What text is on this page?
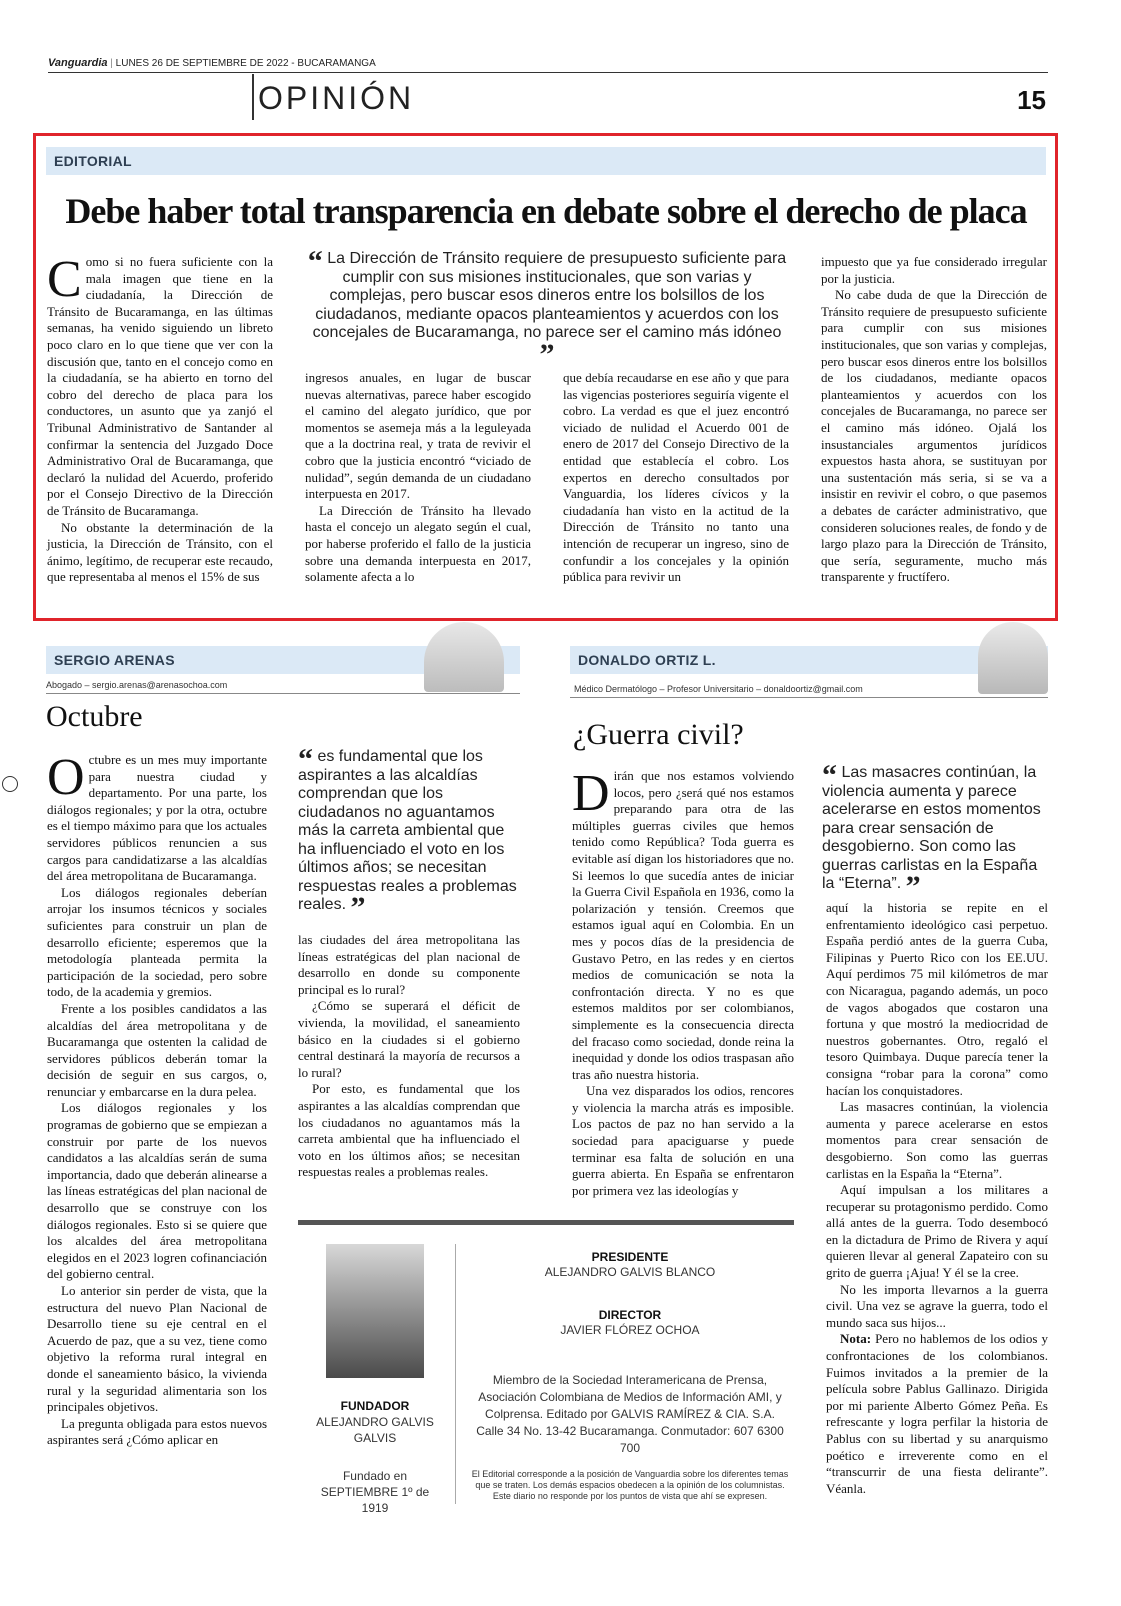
Vanguardia | LUNES 26 DE SEPTIEMBRE DE 2022 - BUCARAMANGA
OPINIÓN	15
EDITORIAL
Debe haber total transparencia en debate sobre el derecho de placa

Como si no fuera suficiente con la mala imagen que tiene en la ciudadanía, la Dirección de Tránsito de Bucaramanga, en las últimas semanas, ha venido siguiendo un libreto poco claro en lo que tiene que ver con la discusión que, tanto en el concejo como en la ciudadanía, se ha abierto en torno del cobro del derecho de placa para los conductores, un asunto que ya zanjó el Tribunal Administrativo de Santander al confirmar la sentencia del Juzgado Doce Administrativo Oral de Bucaramanga, que declaró la nulidad del Acuerdo, proferido por el Consejo Directivo de la Dirección de Tránsito de Bucaramanga.

No obstante la determinación de la justicia, la Dirección de Tránsito, con el ánimo, legítimo, de recuperar este recaudo, que representaba al menos el 15% de sus

“ La Dirección de Tránsito requiere de presupuesto suficiente para cumplir con sus misiones institucionales, que son varias y complejas, pero buscar esos dineros entre los bolsillos de los ciudadanos, mediante opacos planteamientos y acuerdos con los concejales de Bucaramanga, no parece ser el camino más idóneo ”

ingresos anuales, en lugar de buscar nuevas alternativas, parece haber escogido el camino del alegato jurídico, que por momentos se asemeja más a la leguleyada que a la doctrina real, y trata de revivir el cobro que la justicia encontró “viciado de nulidad”, según demanda de un ciudadano interpuesta en 2017.

La Dirección de Tránsito ha llevado hasta el concejo un alegato según el cual, por haberse proferido el fallo de la justicia sobre una demanda interpuesta en 2017, solamente afecta a lo

que debía recaudarse en ese año y que para las vigencias posteriores seguiría vigente el cobro. La verdad es que el juez encontró viciado de nulidad el Acuerdo 001 de enero de 2017 del Consejo Directivo de la entidad que establecía el cobro. Los expertos en derecho consultados por Vanguardia, los líderes cívicos y la ciudadanía han visto en la actitud de la Dirección de Tránsito no tanto una intención de recuperar un ingreso, sino de confundir a los concejales y la opinión pública para revivir un

impuesto que ya fue considerado irregular por la justicia.

No cabe duda de que la Dirección de Tránsito requiere de presupuesto suficiente para cumplir con sus misiones institucionales, que son varias y complejas, pero buscar esos dineros entre los bolsillos de los ciudadanos, mediante opacos planteamientos y acuerdos con los concejales de Bucaramanga, no parece ser el camino más idóneo. Ojalá los insustanciales argumentos jurídicos expuestos hasta ahora, se sustituyan por una sustentación más seria, si se va a insistir en revivir el cobro, o que pasemos a debates de carácter administrativo, que consideren soluciones reales, de fondo y de largo plazo para la Dirección de Tránsito, que sería, seguramente, mucho más transparente y fructífero.

SERGIO ARENAS
Abogado – sergio.arenas@arenasochoa.com
Octubre

Octubre es un mes muy importante para nuestra ciudad y departamento. Por una parte, los diálogos regionales; y por la otra, octubre es el tiempo máximo para que los actuales servidores públicos renuncien a sus cargos para candidatizarse a las alcaldías del área metropolitana de Bucaramanga.

Los diálogos regionales deberían arrojar los insumos técnicos y sociales suficientes para construir un plan de desarrollo eficiente; esperemos que la metodología planteada permita la participación de la sociedad, pero sobre todo, de la academia y gremios.

Frente a los posibles candidatos a las alcaldías del área metropolitana y de Bucaramanga que ostenten la calidad de servidores públicos deberán tomar la decisión de seguir en sus cargos, o, renunciar y embarcarse en la dura pelea.

Los diálogos regionales y los programas de gobierno que se empiezan a construir por parte de los nuevos candidatos a las alcaldías serán de suma importancia, dado que deberán alinearse a las líneas estratégicas del plan nacional de desarrollo que se construye con los diálogos regionales. Esto si se quiere que los alcaldes del área metropolitana elegidos en el 2023 logren cofinanciación del gobierno central.

Lo anterior sin perder de vista, que la estructura del nuevo Plan Nacional de Desarrollo tiene su eje central en el Acuerdo de paz, que a su vez, tiene como objetivo la reforma rural integral en donde el saneamiento básico, la vivienda rural y la seguridad alimentaria son los principales objetivos.

La pregunta obligada para estos nuevos aspirantes será ¿Cómo aplicar en

“ es fundamental que los aspirantes a las alcaldías comprendan que los ciudadanos no aguantamos más la carreta ambiental que ha influenciado el voto en los últimos años; se necesitan respuestas reales a problemas reales. ”

las ciudades del área metropolitana las líneas estratégicas del plan nacional de desarrollo en donde su componente principal es lo rural?

¿Cómo se superará el déficit de vivienda, la movilidad, el saneamiento básico en la ciudades si el gobierno central destinará la mayoría de recursos a lo rural?

Por esto, es fundamental que los aspirantes a las alcaldías comprendan que los ciudadanos no aguantamos más la carreta ambiental que ha influenciado el voto en los últimos años; se necesitan respuestas reales a problemas reales.

DONALDO ORTIZ L.
Médico Dermatólogo – Profesor Universitario – donaldoortiz@gmail.com
¿Guerra civil?

Dirán que nos estamos volviendo locos, pero ¿será qué nos estamos preparando para otra de las múltiples guerras civiles que hemos tenido como República? Toda guerra es evitable así digan los historiadores que no. Si leemos lo que sucedía antes de iniciar la Guerra Civil Española en 1936, como la polarización y tensión. Creemos que estamos igual aquí en Colombia. En un mes y pocos días de la presidencia de Gustavo Petro, en las redes y en ciertos medios de comunicación se nota la confrontación directa. Y no es que estemos malditos por ser colombianos, simplemente es la consecuencia directa del fracaso como sociedad, donde reina la inequidad y donde los odios traspasan año tras año nuestra historia.

Una vez disparados los odios, rencores y violencia la marcha atrás es imposible. Los pactos de paz no han servido a la sociedad para apaciguarse y puede terminar esa falta de solución en una guerra abierta. En España se enfrentaron por primera vez las ideologías y

“ Las masacres continúan, la violencia aumenta y parece acelerarse en estos momentos para crear sensación de desgobierno. Son como las guerras carlistas en la España la “Eterna”. ”

aquí la historia se repite en el enfrentamiento ideológico casi perpetuo. España perdió antes de la guerra Cuba, Filipinas y Puerto Rico con los EE.UU. Aquí perdimos 75 mil kilómetros de mar con Nicaragua, pagando además, un poco de vagos abogados que costaron una fortuna y que mostró la mediocridad de nuestros gobernantes. Otro, regaló el tesoro Quimbaya. Duque parecía tener la consigna “robar para la corona” como hacían los conquistadores.

Las masacres continúan, la violencia aumenta y parece acelerarse en estos momentos para crear sensación de desgobierno. Son como las guerras carlistas en la España la “Eterna”.

Aquí impulsan a los militares a recuperar su protagonismo perdido. Como allá antes de la guerra. Todo desembocó en la dictadura de Primo de Rivera y aquí quieren llevar al general Zapateiro con su grito de guerra ¡Ajua! Y él se la cree.

No les importa llevarnos a la guerra civil. Una vez se agrave la guerra, todo el mundo saca sus hijos...

Nota: Pero no hablemos de los odios y confrontaciones de los colombianos. Fuimos invitados a la premier de la película sobre Pablus Gallinazo. Dirigida por mi pariente Alberto Gómez Peña. Es refrescante y logra perfilar la historia de Pablus con su libertad y su anarquismo poético e irreverente como en el “transcurrir de una fiesta delirante”. Véanla.

FUNDADOR
ALEJANDRO GALVIS GALVIS
Fundado en SEPTIEMBRE 1º de 1919
PRESIDENTE
ALEJANDRO GALVIS BLANCO
DIRECTOR
JAVIER FLÓREZ OCHOA
Miembro de la Sociedad Interamericana de Prensa, Asociación Colombiana de Medios de Información AMI, y Colprensa. Editado por GALVIS RAMÍREZ & CIA. S.A. Calle 34 No. 13-42 Bucaramanga. Conmutador: 607 6300 700
El Editorial corresponde a la posición de Vanguardia sobre los diferentes temas que se traten. Los demás espacios obedecen a la opinión de los columnistas. Este diario no responde por los puntos de vista que ahí se expresen.
